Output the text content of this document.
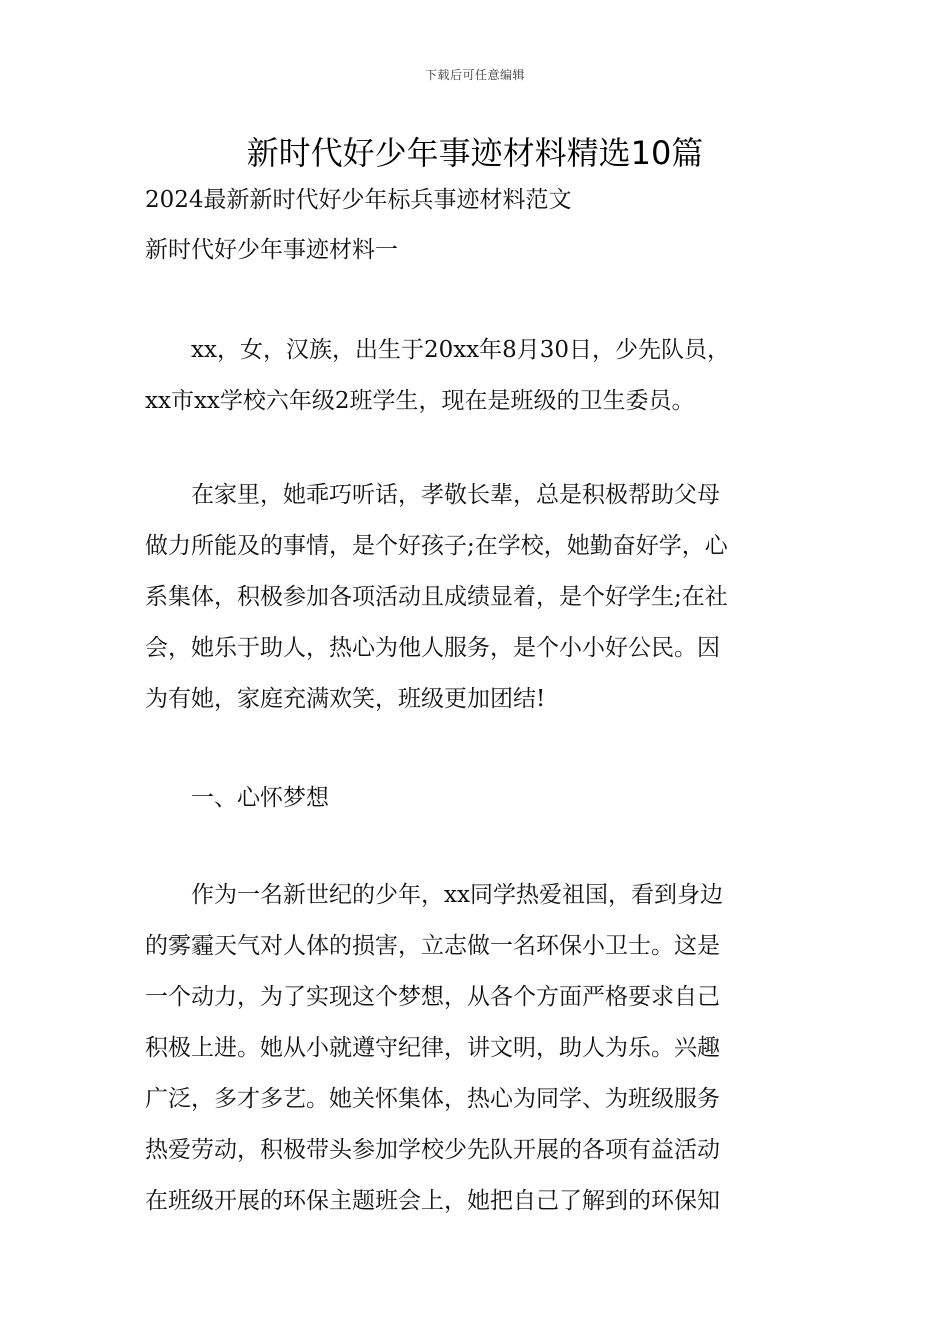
下载后可任意编辑
新时代好少年事迹材料精选10篇
2024最新新时代好少年标兵事迹材料范文
新时代好少年事迹材料一
　　xx，女，汉族，出生于20xx年8月30日，少先队员，
xx市xx学校六年级2班学生，现在是班级的卫生委员。
　　在家里，她乖巧听话，孝敬长辈，总是积极帮助父母
做力所能及的事情，是个好孩子;在学校，她勤奋好学，心
系集体，积极参加各项活动且成绩显着，是个好学生;在社
会，她乐于助人，热心为他人服务，是个小小好公民。因
为有她，家庭充满欢笑，班级更加团结!
　　一、心怀梦想
　　作为一名新世纪的少年，xx同学热爱祖国，看到身边
的雾霾天气对人体的损害，立志做一名环保小卫士。这是
一个动力，为了实现这个梦想，从各个方面严格要求自己
积极上进。她从小就遵守纪律，讲文明，助人为乐。兴趣
广泛，多才多艺。她关怀集体，热心为同学、为班级服务
热爱劳动，积极带头参加学校少先队开展的各项有益活动
在班级开展的环保主题班会上，她把自己了解到的环保知
